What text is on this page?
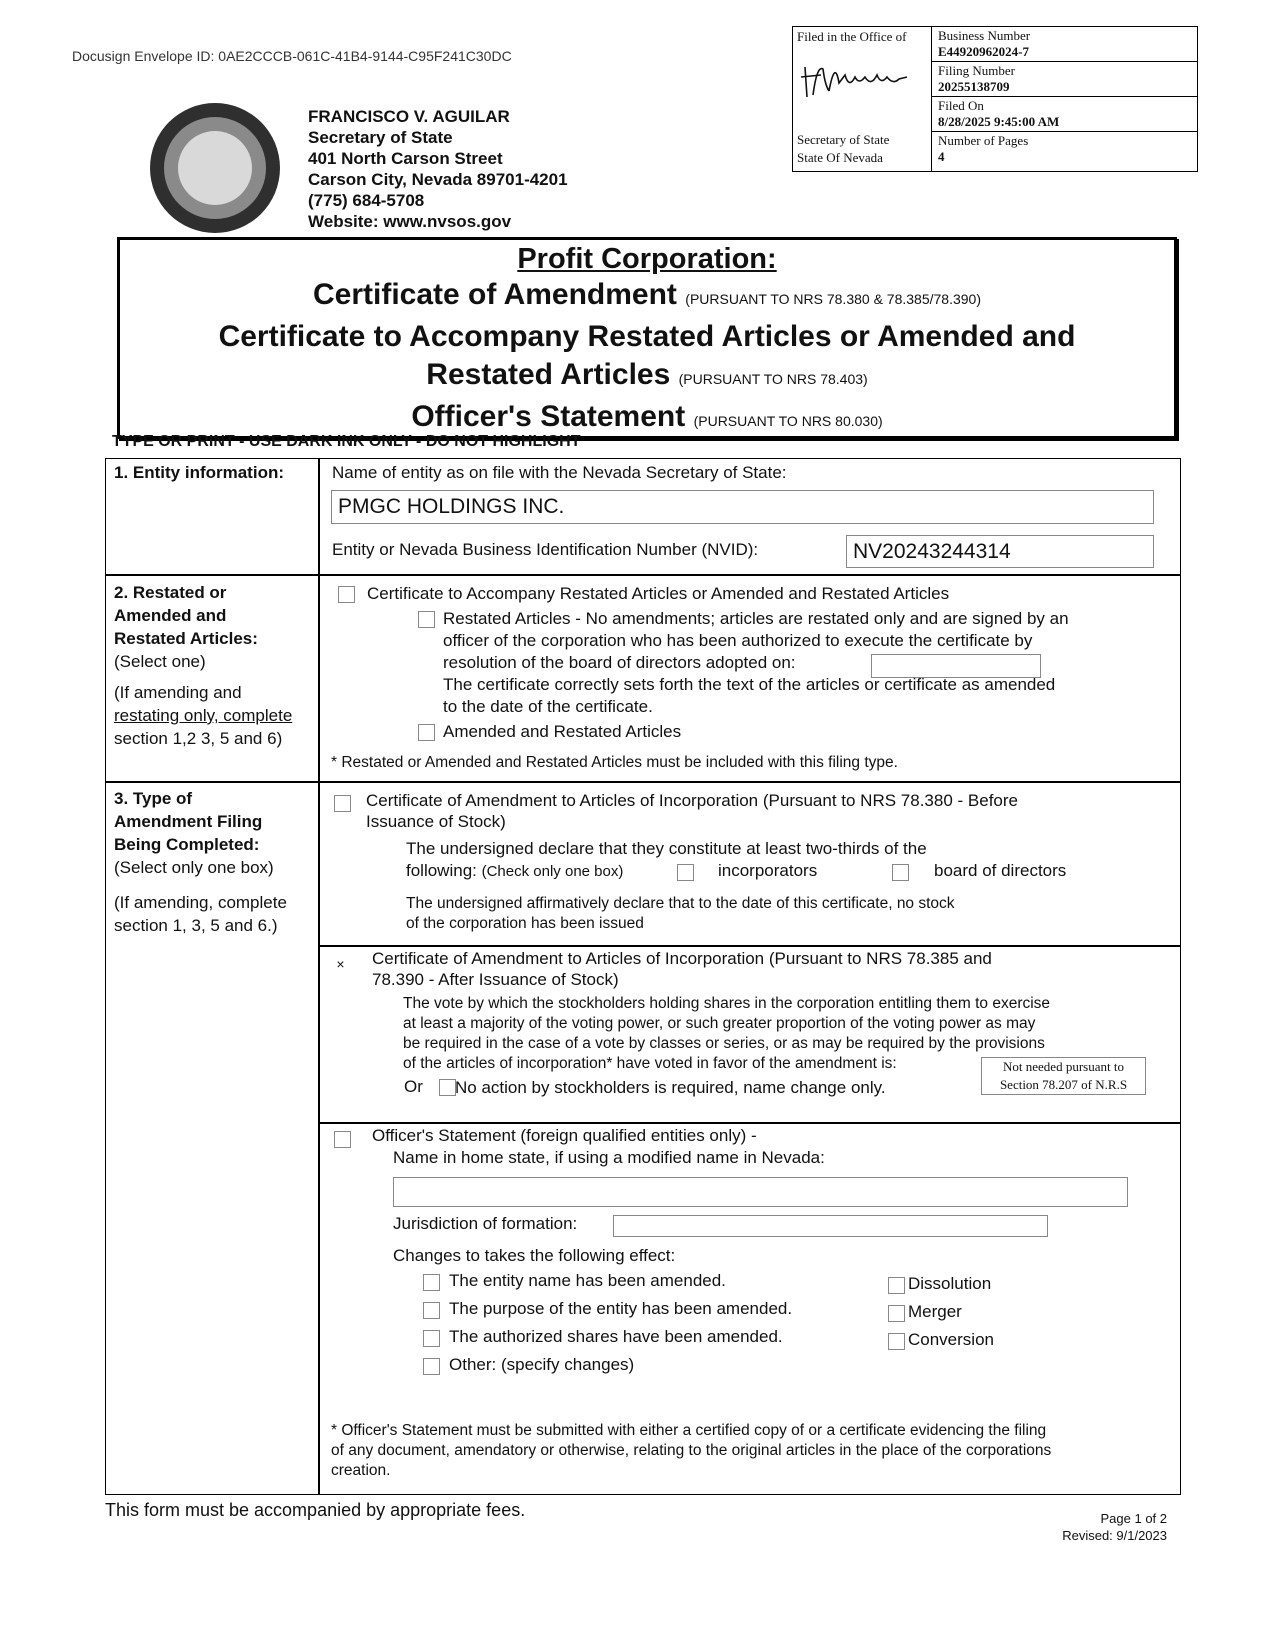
Docusign Envelope ID: 0AE2CCCB-061C-41B4-9144-C95F241C30DC
FRANCISCO V. AGUILAR
Secretary of State
401 North Carson Street
Carson City, Nevada 89701-4201
(775) 684-5708
Website: www.nvsos.gov
Filed in the Office of
Secretary of State
State Of Nevada
Business Number
E44920962024-7
Filing Number
20255138709
Filed On
8/28/2025 9:45:00 AM
Number of Pages
4
Profit Corporation:
Certificate of Amendment (PURSUANT TO NRS 78.380 & 78.385/78.390)
Certificate to Accompany Restated Articles or Amended and
Restated Articles (PURSUANT TO NRS 78.403)
Officer's Statement (PURSUANT TO NRS 80.030)
TYPE OR PRINT - USE DARK INK ONLY - DO NOT HIGHLIGHT
1. Entity information:	Name of entity as on file with the Nevada Secretary of State:
PMGC HOLDINGS INC.
Entity or Nevada Business Identification Number (NVID):	NV20243244314
2. Restated or
Amended and
Restated Articles:
(Select one)
(If amending and
restating only, complete
section 1,2 3, 5 and 6)
Certificate to Accompany Restated Articles or Amended and Restated Articles
Restated Articles - No amendments; articles are restated only and are signed by an
officer of the corporation who has been authorized to execute the certificate by
resolution of the board of directors adopted on:
The certificate correctly sets forth the text of the articles or certificate as amended
to the date of the certificate.
Amended and Restated Articles
* Restated or Amended and Restated Articles must be included with this filing type.
3. Type of
Amendment Filing
Being Completed:
(Select only one box)
(If amending, complete
section 1, 3, 5 and 6.)
Certificate of Amendment to Articles of Incorporation (Pursuant to NRS 78.380 - Before
Issuance of Stock)
The undersigned declare that they constitute at least two-thirds of the
following: (Check only one box)	incorporators	board of directors
The undersigned affirmatively declare that to the date of this certificate, no stock
of the corporation has been issued
× Certificate of Amendment to Articles of Incorporation (Pursuant to NRS 78.385 and
78.390 - After Issuance of Stock)
The vote by which the stockholders holding shares in the corporation entitling them to exercise
at least a majority of the voting power, or such greater proportion of the voting power as may
be required in the case of a vote by classes or series, or as may be required by the provisions
of the articles of incorporation* have voted in favor of the amendment is:	Not needed pursuant to
Section 78.207 of N.R.S
Or No action by stockholders is required, name change only.
Officer's Statement (foreign qualified entities only) -
Name in home state, if using a modified name in Nevada:
Jurisdiction of formation:
Changes to takes the following effect:
The entity name has been amended.
The purpose of the entity has been amended.
The authorized shares have been amended.
Other: (specify changes)
Dissolution
Merger
Conversion
* Officer's Statement must be submitted with either a certified copy of or a certificate evidencing the filing
of any document, amendatory or otherwise, relating to the original articles in the place of the corporations
creation.
This form must be accompanied by appropriate fees.	Page 1 of 2
Revised: 9/1/2023
